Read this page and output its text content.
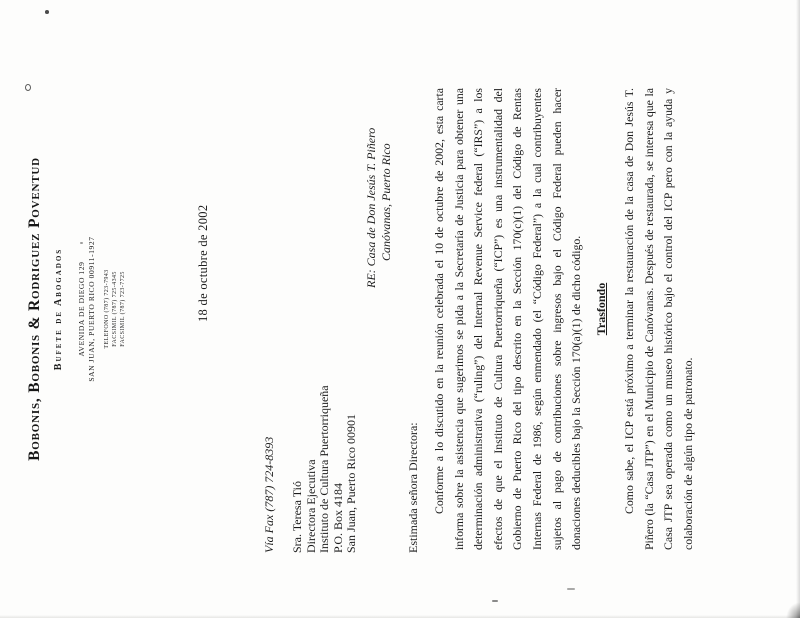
Bobonis, Bobonis & Rodriguez Poventud Bufete de Abogados AVENIDA DE DIEGO 129 SAN JUAN, PUERTO RICO 00911-1927 TELEFONO (787) 723-7943 FACSIMIL (787) 725-4345 FACSIMIL (787) 723-7725	18 de octubre de 2002
Vía Fax (787) 724-8393 Sra. Teresa Tió Directora Ejecutiva Instituto de Cultura Puertorriqueña P.O. Box 4184 San Juan, Puerto Rico 00901
RE: Casa de Don Jesús T. Piñero Canóvanas, Puerto Rico
Estimada señora Directora: Conforme a lo discutido en la reunión celebrada el 10 de octubre de 2002, esta carta informa sobre la asistencia que sugerimos se pida a la Secretaría de Justicia para obtener una determinación administrativa (“ruling”) del Internal Revenue Service federal (“IRS”) a los efectos de que el Instituto de Cultura Puertorriqueña (“ICP”) es una instrumentalidad del Gobierno de Puerto Rico del tipo descrito en la Sección 170(c)(1) del Código de Rentas Internas Federal de 1986, según enmendado (el “Código Federal”) a la cual contribuyentes sujetos al pago de contribuciones sobre ingresos bajo el Código Federal pueden hacer donaciones deducibles bajo la Sección 170(a)(1) de dicho código. Trasfondo Como sabe, el ICP está próximo a terminar la restauración de la casa de Don Jesús T. Piñero (la “Casa JTP”) en el Municipio de Canóvanas. Después de restaurada, se interesa que la Casa JTP sea operada como un museo histórico bajo el control del ICP pero con la ayuda y colaboración de algún tipo de patronato.
